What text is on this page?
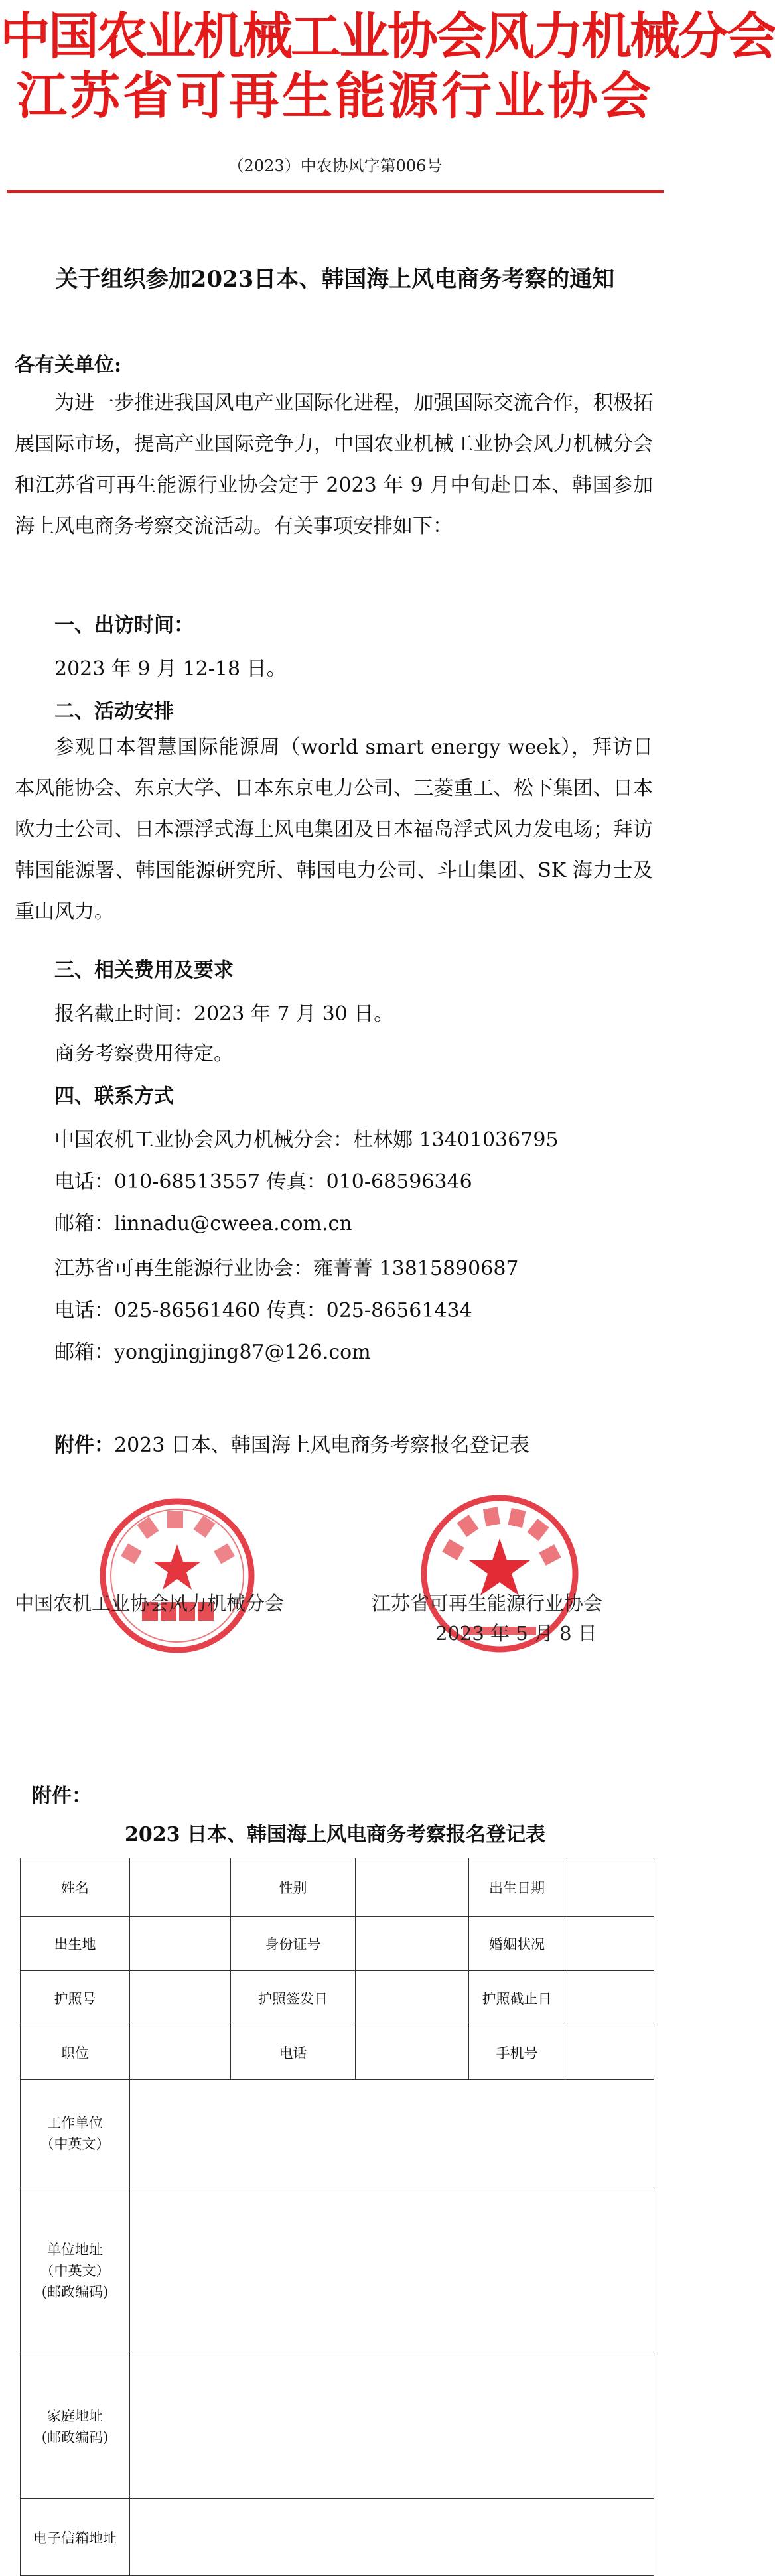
中国农业机械工业协会风力机械分会
江苏省可再生能源行业协会
（2023）中农协风字第006号
关于组织参加2023日本、韩国海上风电商务考察的通知
各有关单位:

为进一步推进我国风电产业国际化进程，加强国际交流合作，积极拓展国际市场，提高产业国际竞争力，中国农业机械工业协会风力机械分会和江苏省可再生能源行业协会定于 2023 年 9 月中旬赴日本、韩国参加海上风电商务考察交流活动。有关事项安排如下：

一、出访时间：
2023 年 9 月 12-18 日。
二、活动安排

参观日本智慧国际能源周（world smart energy week），拜访日本风能协会、东京大学、日本东京电力公司、三菱重工、松下集团、日本欧力士公司、日本漂浮式海上风电集团及日本福岛浮式风力发电场；拜访韩国能源署、韩国能源研究所、韩国电力公司、斗山集团、SK 海力士及重山风力。

三、相关费用及要求
报名截止时间：2023 年 7 月 30 日。
商务考察费用待定。
四、联系方式
中国农机工业协会风力机械分会：杜林娜 13401036795
电话：010-68513557 传真：010-68596346
邮箱：linnadu@cweea.com.cn
江苏省可再生能源行业协会：雍菁菁 13815890687
电话：025-86561460 传真：025-86561434
邮箱：yongjingjing87@126.com
附件：2023 日本、韩国海上风电商务考察报名登记表
中国农机工业协会风力机械分会	江苏省可再生能源行业协会
2023 年 5 月 8 日
附件：
2023 日本、韩国海上风电商务考察报名登记表
姓名		性别		出生日期	
出生地		身份证号		婚姻状况	
护照号		护照签发日		护照截止日	
职位		电话		手机号	

工作单位
（中英文）					

单位地址
（中英文）
(邮政编码)					

家庭地址
(邮政编码)					

电子信箱地址					
